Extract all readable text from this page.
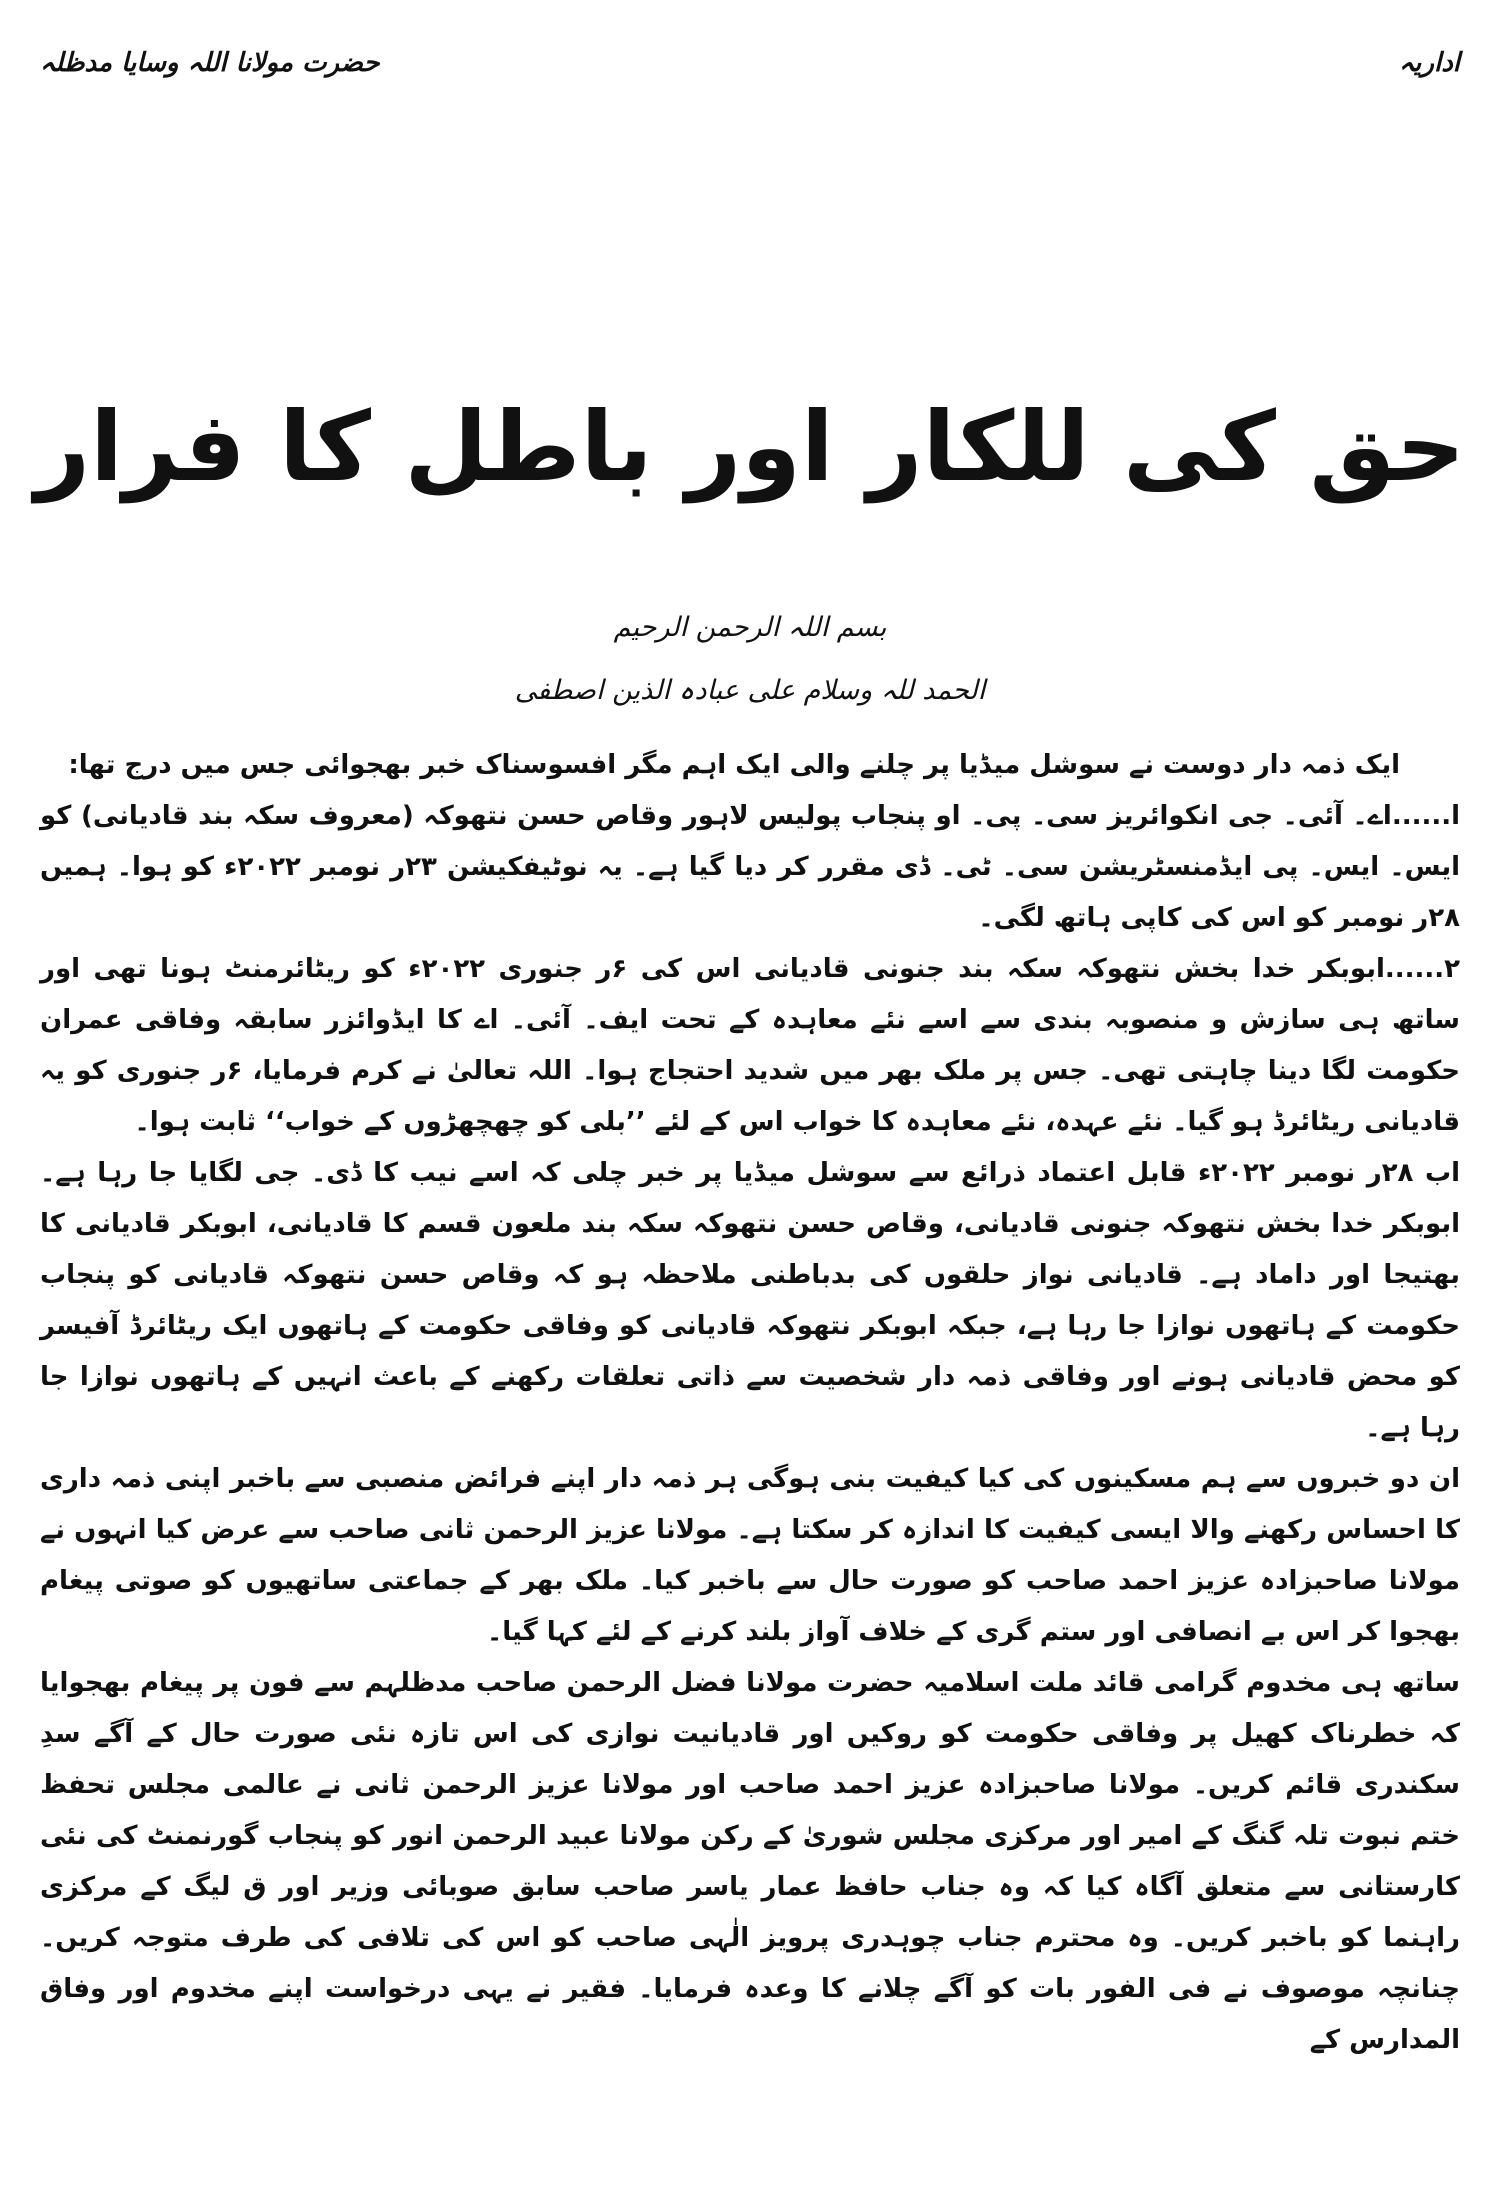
اداریہ
حضرت مولانا اللہ وسایا مدظلہ
حق کی للکار اور باطل کا فرار
بسم اللہ الرحمن الرحیم
الحمد للہ وسلام علی عبادہ الذین اصطفی

ایک ذمہ دار دوست نے سوشل میڈیا پر چلنے والی ایک اہم مگر افسوسناک خبر بھجوائی جس میں درج تھا:

ا......اے۔ آئی۔ جی انکوائریز سی۔ پی۔ او پنجاب پولیس لاہور وقاص حسن نتھوکہ (معروف سکہ بند قادیانی) کو ایس۔ ایس۔ پی ایڈمنسٹریشن سی۔ ٹی۔ ڈی مقرر کر دیا گیا ہے۔ یہ نوٹیفکیشن ۲۳ر نومبر ۲۰۲۲ء کو ہوا۔ ہمیں ۲۸ر نومبر کو اس کی کاپی ہاتھ لگی۔

۲......ابوبکر خدا بخش نتھوکہ سکہ بند جنونی قادیانی اس کی ۶ر جنوری ۲۰۲۲ء کو ریٹائرمنٹ ہونا تھی اور ساتھ ہی سازش و منصوبہ بندی سے اسے نئے معاہدہ کے تحت ایف۔ آئی۔ اے کا ایڈوائزر سابقہ وفاقی عمران حکومت لگا دینا چاہتی تھی۔ جس پر ملک بھر میں شدید احتجاج ہوا۔ اللہ تعالیٰ نے کرم فرمایا، ۶ر جنوری کو یہ قادیانی ریٹائرڈ ہو گیا۔ نئے عہدہ، نئے معاہدہ کا خواب اس کے لئے ’’بلی کو چھچھڑوں کے خواب‘‘ ثابت ہوا۔

اب ۲۸ر نومبر ۲۰۲۲ء قابل اعتماد ذرائع سے سوشل میڈیا پر خبر چلی کہ اسے نیب کا ڈی۔ جی لگایا جا رہا ہے۔ ابوبکر خدا بخش نتھوکہ جنونی قادیانی، وقاص حسن نتھوکہ سکہ بند ملعون قسم کا قادیانی، ابوبکر قادیانی کا بھتیجا اور داماد ہے۔ قادیانی نواز حلقوں کی بدباطنی ملاحظہ ہو کہ وقاص حسن نتھوکہ قادیانی کو پنجاب حکومت کے ہاتھوں نوازا جا رہا ہے، جبکہ ابوبکر نتھوکہ قادیانی کو وفاقی حکومت کے ہاتھوں ایک ریٹائرڈ آفیسر کو محض قادیانی ہونے اور وفاقی ذمہ دار شخصیت سے ذاتی تعلقات رکھنے کے باعث انہیں کے ہاتھوں نوازا جا رہا ہے۔

ان دو خبروں سے ہم مسکینوں کی کیا کیفیت بنی ہوگی ہر ذمہ دار اپنے فرائض منصبی سے باخبر اپنی ذمہ داری کا احساس رکھنے والا ایسی کیفیت کا اندازہ کر سکتا ہے۔ مولانا عزیز الرحمن ثانی صاحب سے عرض کیا انہوں نے مولانا صاحبزادہ عزیز احمد صاحب کو صورت حال سے باخبر کیا۔ ملک بھر کے جماعتی ساتھیوں کو صوتی پیغام بھجوا کر اس بے انصافی اور ستم گری کے خلاف آواز بلند کرنے کے لئے کہا گیا۔

ساتھ ہی مخدوم گرامی قائد ملت اسلامیہ حضرت مولانا فضل الرحمن صاحب مدظلہم سے فون پر پیغام بھجوایا کہ خطرناک کھیل پر وفاقی حکومت کو روکیں اور قادیانیت نوازی کی اس تازہ نئی صورت حال کے آگے سدِ سکندری قائم کریں۔ مولانا صاحبزادہ عزیز احمد صاحب اور مولانا عزیز الرحمن ثانی نے عالمی مجلس تحفظ ختم نبوت تلہ گنگ کے امیر اور مرکزی مجلس شوریٰ کے رکن مولانا عبید الرحمن انور کو پنجاب گورنمنٹ کی نئی کارستانی سے متعلق آگاہ کیا کہ وہ جناب حافظ عمار یاسر صاحب سابق صوبائی وزیر اور ق لیگ کے مرکزی راہنما کو باخبر کریں۔ وہ محترم جناب چوہدری پرویز الٰہی صاحب کو اس کی تلافی کی طرف متوجہ کریں۔ چنانچہ موصوف نے فی الفور بات کو آگے چلانے کا وعدہ فرمایا۔ فقیر نے یہی درخواست اپنے مخدوم اور وفاق المدارس کے
